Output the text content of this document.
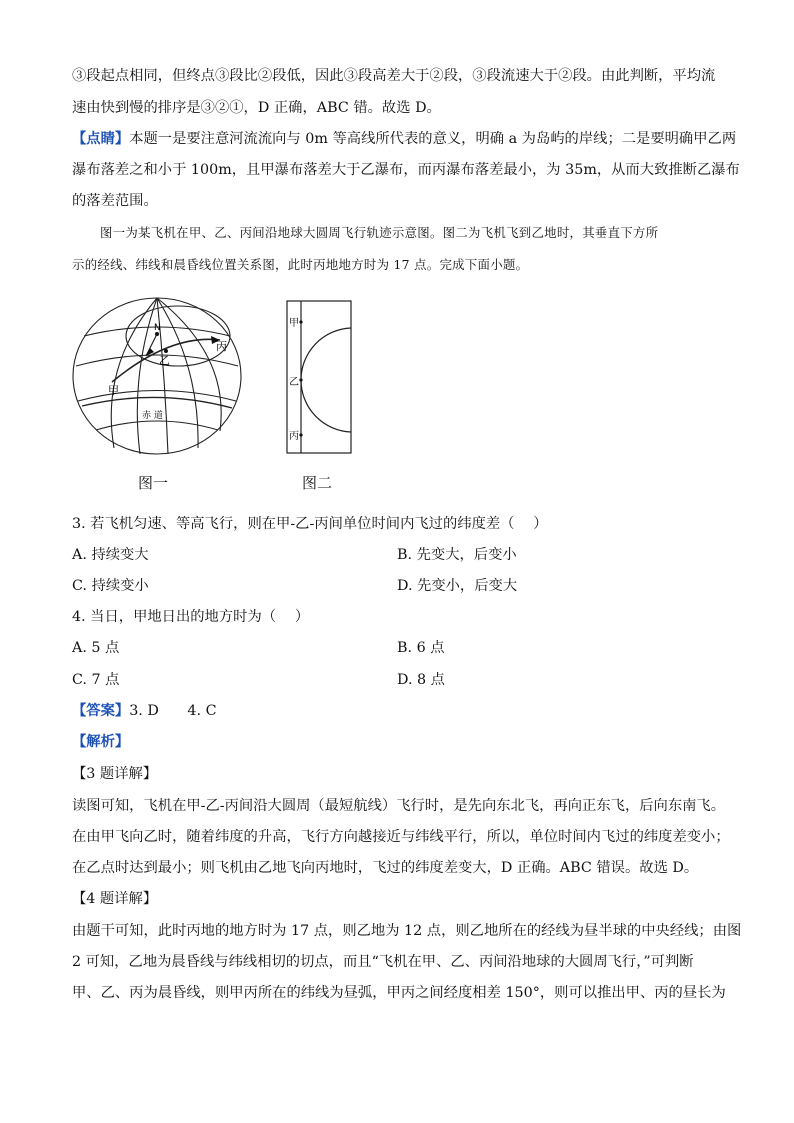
③段起点相同，但终点③段比②段低，因此③段高差大于②段，③段流速大于②段。由此判断，平均流
速由快到慢的排序是③②①，D 正确，ABC 错。故选 D。
【点睛】本题一是要注意河流流向与 0m 等高线所代表的意义，明确 a 为岛屿的岸线；二是要明确甲乙两
瀑布落差之和小于 100m，且甲瀑布落差大于乙瀑布，而丙瀑布落差最小，为 35m，从而大致推断乙瀑布
的落差范围。
图一为某飞机在甲、乙、丙间沿地球大圆周飞行轨迹示意图。图二为飞机飞到乙地时，其垂直下方所
示的经线、纬线和晨昏线位置关系图，此时丙地地方时为 17 点。完成下面小题。
N
甲
乙
丙
赤 道
甲
乙
丙
图一	图二
3. 若飞机匀速、等高飞行，则在甲-乙-丙间单位时间内飞过的纬度差（　 ）
A. 持续变大	B. 先变大，后变小
C. 持续变小	D. 先变小，后变大
4. 当日，甲地日出的地方时为（　 ）
A. 5 点	B. 6 点
C. 7 点	D. 8 点
【答案】3. D　　4. C
【解析】
【3 题详解】
读图可知，飞机在甲-乙-丙间沿大圆周（最短航线）飞行时，是先向东北飞，再向正东飞，后向东南飞。
在由甲飞向乙时，随着纬度的升高，飞行方向越接近与纬线平行，所以，单位时间内飞过的纬度差变小；
在乙点时达到最小；则飞机由乙地飞向丙地时，飞过的纬度差变大，D 正确。ABC 错误。故选 D。
【4 题详解】
由题干可知，此时丙地的地方时为 17 点，则乙地为 12 点，则乙地所在的经线为昼半球的中央经线；由图
2 可知，乙地为晨昏线与纬线相切的切点，而且“飞机在甲、乙、丙间沿地球的大圆周飞行，”可判断
甲、乙、丙为晨昏线，则甲丙所在的纬线为昼弧，甲丙之间经度相差 150°，则可以推出甲、丙的昼长为
